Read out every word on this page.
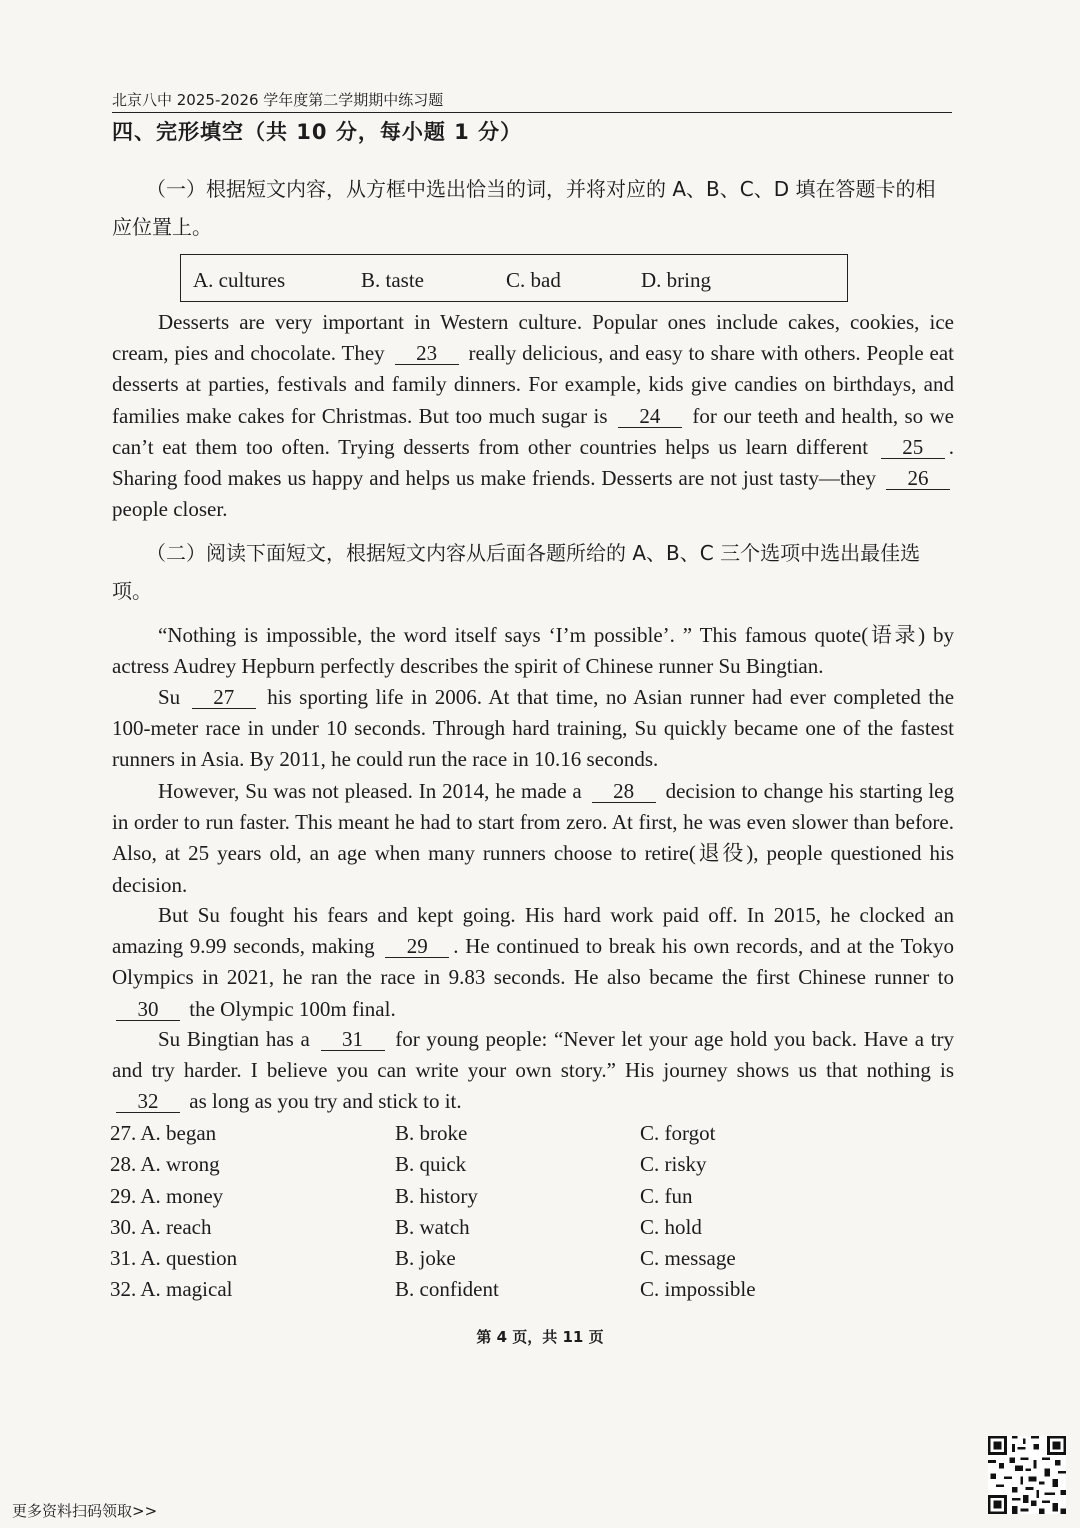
北京八中 2025-2026 学年度第二学期期中练习题
四、完形填空（共 10 分，每小题 1 分）
（一）根据短文内容，从方框中选出恰当的词，并将对应的 A、B、C、D 填在答题卡的相应位置上。
A. cultures	B. taste	C. bad	D. bring
Desserts are very important in Western culture. Popular ones include cakes, cookies, ice cream, pies and chocolate. They 23 really delicious, and easy to share with others. People eat desserts at parties, festivals and family dinners. For example, kids give candies on birthdays, and families make cakes for Christmas. But too much sugar is 24 for our teeth and health, so we can’t eat them too often. Trying desserts from other countries helps us learn different 25 . Sharing food makes us happy and helps us make friends. Desserts are not just tasty—they 26 people closer.
（二）阅读下面短文，根据短文内容从后面各题所给的 A、B、C 三个选项中选出最佳选项。
“Nothing is impossible, the word itself says ‘I’m possible’. ” This famous quote(语录) by actress Audrey Hepburn perfectly describes the spirit of Chinese runner Su Bingtian.
Su 27 his sporting life in 2006. At that time, no Asian runner had ever completed the 100-meter race in under 10 seconds. Through hard training, Su quickly became one of the fastest runners in Asia. By 2011, he could run the race in 10.16 seconds.
However, Su was not pleased. In 2014, he made a 28 decision to change his starting leg in order to run faster. This meant he had to start from zero. At first, he was even slower than before. Also, at 25 years old, an age when many runners choose to retire(退役), people questioned his decision.
But Su fought his fears and kept going. His hard work paid off. In 2015, he clocked an amazing 9.99 seconds, making 29 . He continued to break his own records, and at the Tokyo Olympics in 2021, he ran the race in 9.83 seconds. He also became the first Chinese runner to 30 the Olympic 100m final.
Su Bingtian has a 31 for young people: “Never let your age hold you back. Have a try and try harder. I believe you can write your own story.” His journey shows us that nothing is32 as long as you try and stick to it.
27. A. began	B. broke	C. forgot
28. A. wrong	B. quick	C. risky
29. A. money	B. history	C. fun
30. A. reach	B. watch	C. hold
31. A. question	B. joke	C. message
32. A. magical	B. confident	C. impossible
第 4 页，共 11 页
更多资料扫码领取>>
